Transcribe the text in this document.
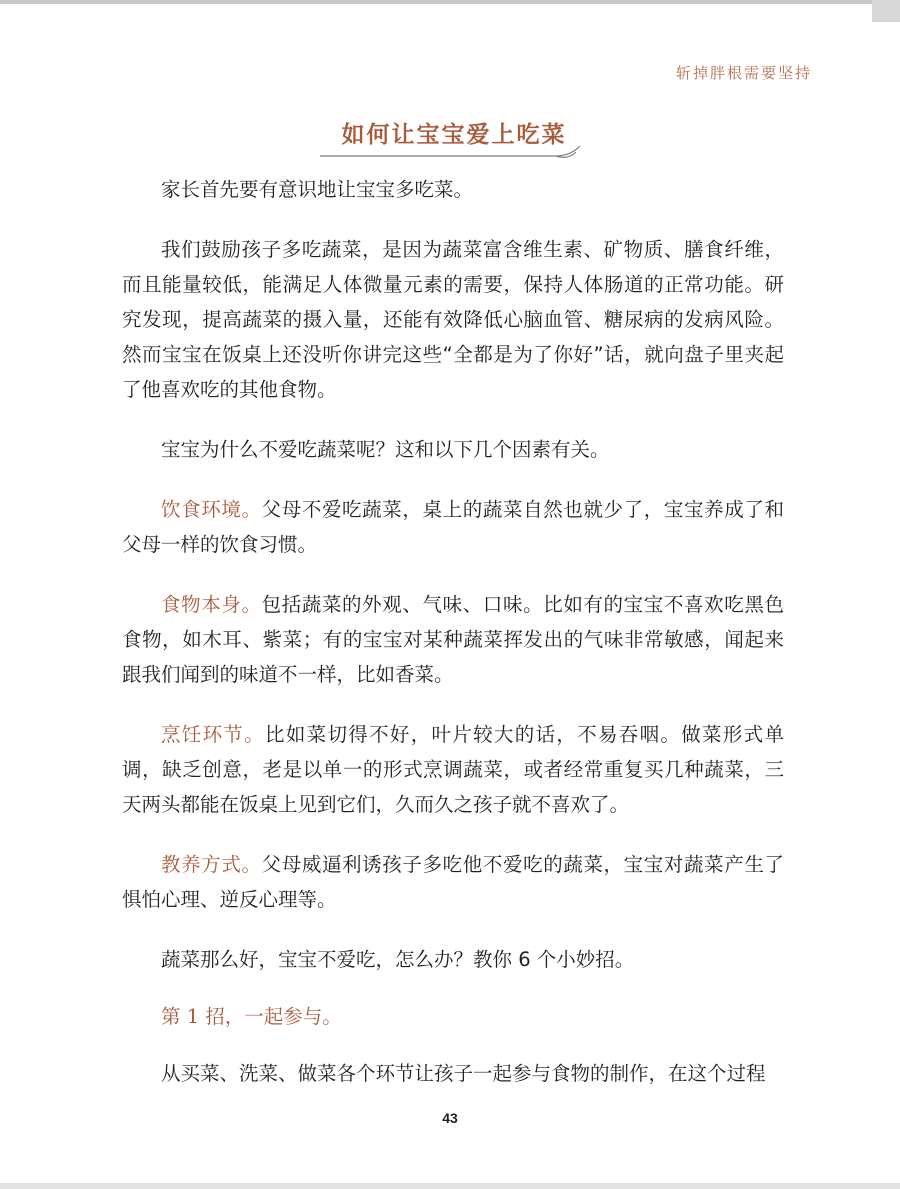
斩掉胖根需要坚持
如何让宝宝爱上吃菜

家长首先要有意识地让宝宝多吃菜。

我们鼓励孩子多吃蔬菜，是因为蔬菜富含维生素、矿物质、膳食纤维，而且能量较低，能满足人体微量元素的需要，保持人体肠道的正常功能。研究发现，提高蔬菜的摄入量，还能有效降低心脑血管、糖尿病的发病风险。然而宝宝在饭桌上还没听你讲完这些“全都是为了你好”话，就向盘子里夹起了他喜欢吃的其他食物。

宝宝为什么不爱吃蔬菜呢？这和以下几个因素有关。

饮食环境。父母不爱吃蔬菜，桌上的蔬菜自然也就少了，宝宝养成了和父母一样的饮食习惯。

食物本身。包括蔬菜的外观、气味、口味。比如有的宝宝不喜欢吃黑色食物，如木耳、紫菜；有的宝宝对某种蔬菜挥发出的气味非常敏感，闻起来跟我们闻到的味道不一样，比如香菜。

烹饪环节。比如菜切得不好，叶片较大的话，不易吞咽。做菜形式单调，缺乏创意，老是以单一的形式烹调蔬菜，或者经常重复买几种蔬菜，三天两头都能在饭桌上见到它们，久而久之孩子就不喜欢了。

教养方式。父母威逼利诱孩子多吃他不爱吃的蔬菜，宝宝对蔬菜产生了惧怕心理、逆反心理等。

蔬菜那么好，宝宝不爱吃，怎么办？教你 6 个小妙招。

第 1 招，一起参与。

从买菜、洗菜、做菜各个环节让孩子一起参与食物的制作，在这个过程

43
